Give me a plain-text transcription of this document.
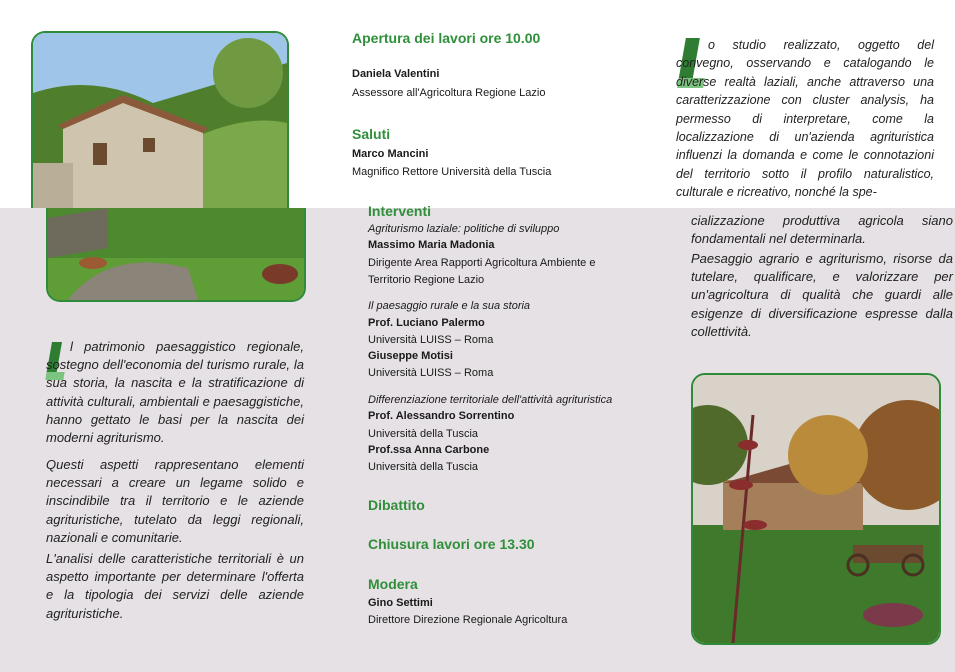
l patrimonio paesaggistico regionale, sostegno dell'economia del turismo rurale, la sua storia, la nascita e la stratificazione di attività culturali, ambientali e paesaggistiche, hanno gettato le basi per la nascita dei moderni agriturismo.

Questi aspetti rappresentano elementi necessari a creare un legame solido e inscindibile tra il territorio e le aziende agrituristiche, tutelato da leggi regionali, nazionali e comunitarie.

L'analisi delle caratteristiche territoriali è un aspetto importante per determinare l'offerta e la tipologia dei servizi delle aziende agrituristiche.

Apertura dei lavori ore 10.00
Daniela Valentini
Assessore all'Agricoltura Regione Lazio
Saluti
Marco Mancini
Magnifico Rettore Università della Tuscia
Interventi
Agriturismo laziale: politiche di sviluppo
Massimo Maria Madonia
Dirigente Area Rapporti Agricoltura Ambiente e
Territorio Regione Lazio
Il paesaggio rurale e la sua storia
Prof. Luciano Palermo
Università LUISS – Roma
Giuseppe Motisi
Università LUISS – Roma
Differenziazione territoriale dell'attività agrituristica
Prof. Alessandro Sorrentino
Università della Tuscia
Prof.ssa Anna Carbone
Università della Tuscia
Dibattito
Chiusura lavori ore 13.30
Modera
Gino Settimi
Direttore Direzione Regionale Agricoltura

o studio realizzato, oggetto del convegno, osservando e catalogando le diverse realtà laziali, anche attraverso una caratterizzazione con cluster analysis, ha permesso di interpretare, come la localizzazione di un'azienda agrituristica influenzi la domanda e come le connotazioni del territorio sotto il profilo naturalistico, culturale e ricreativo, nonché la spe-

cializzazione produttiva agricola siano fondamentali nel determinarla.

Paesaggio agrario e agriturismo, risorse da tutelare, qualificare, e valorizzare per un'agricoltura di qualità che guardi alle esigenze di diversificazione espresse dalla collettività.
